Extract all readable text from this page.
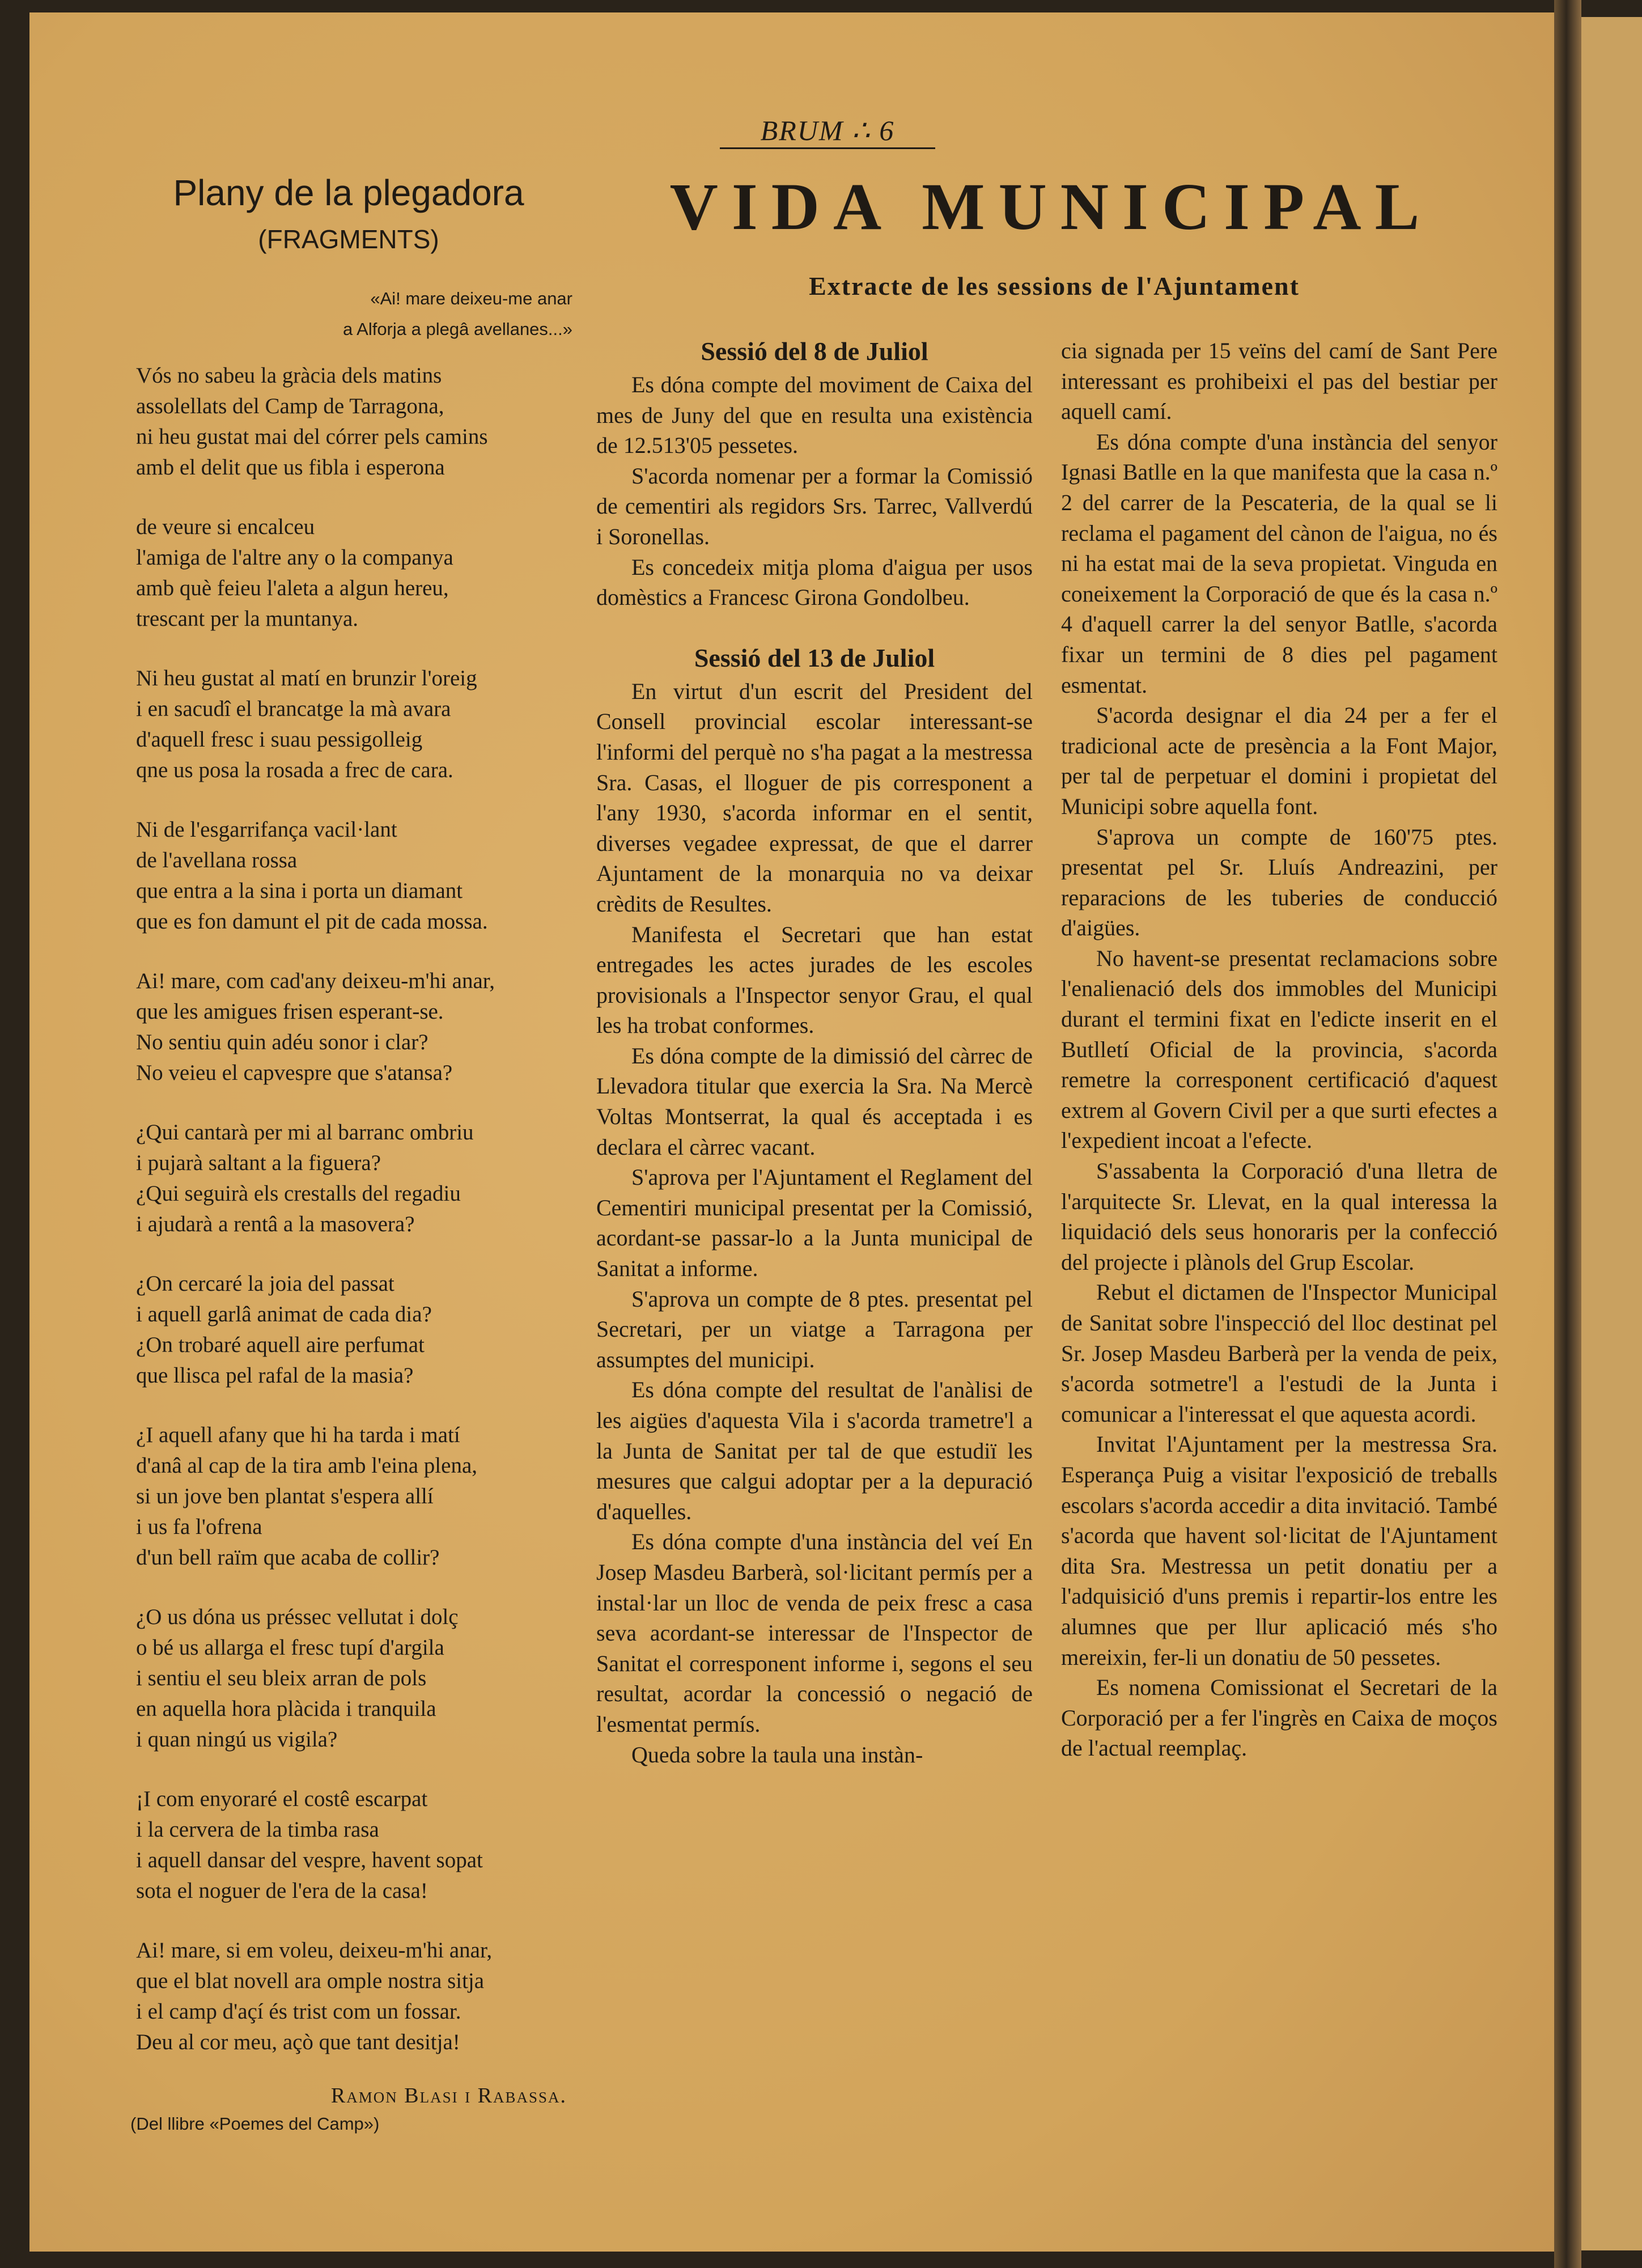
BRUM ∴ 6
VIDA MUNICIPAL
Extracte de les sessions de l'Ajuntament
Plany de la plegadora
(FRAGMENTS)
«Ai! mare deixeu-me anar
a Alforja a plegâ avellanes...»
Vós no sabeu la gràcia dels matins
assolellats del Camp de Tarragona,
ni heu gustat mai del córrer pels camins
amb el delit que us fibla i esperona
de veure si encalceu
l'amiga de l'altre any o la companya
amb què feieu l'aleta a algun hereu,
trescant per la muntanya.
Ni heu gustat al matí en brunzir l'oreig
i en sacudî el brancatge la mà avara
d'aquell fresc i suau pessigolleig
qne us posa la rosada a frec de cara.
Ni de l'esgarrifança vacil·lant
de l'avellana rossa
que entra a la sina i porta un diamant
que es fon damunt el pit de cada mossa.
Ai! mare, com cad'any deixeu-m'hi anar,
que les amigues frisen esperant-se.
No sentiu quin adéu sonor i clar?
No veieu el capvespre que s'atansa?
¿Qui cantarà per mi al barranc ombriu
i pujarà saltant a la figuera?
¿Qui seguirà els crestalls del regadiu
i ajudarà a rentâ a la masovera?
¿On cercaré la joia del passat
i aquell garlâ animat de cada dia?
¿On trobaré aquell aire perfumat
que llisca pel rafal de la masia?
¿I aquell afany que hi ha tarda i matí
d'anâ al cap de la tira amb l'eina plena,
si un jove ben plantat s'espera allí
i us fa l'ofrena
d'un bell raïm que acaba de collir?
¿O us dóna us préssec vellutat i dolç
o bé us allarga el fresc tupí d'argila
i sentiu el seu bleix arran de pols
en aquella hora plàcida i tranquila
i quan ningú us vigila?
¡I com enyoraré el costê escarpat
i la cervera de la timba rasa
i aquell dansar del vespre, havent sopat
sota el noguer de l'era de la casa!
Ai! mare, si em voleu, deixeu-m'hi anar,
que el blat novell ara omple nostra sitja
i el camp d'açí és trist com un fossar.
Deu al cor meu, açò que tant desitja!
Ramon Blasi i Rabassa.
(Del llibre «Poemes del Camp»)
Sessió del 8 de Juliol

Es dóna compte del moviment de Caixa del mes de Juny del que en resulta una existència de 12.513'05 pessetes.

S'acorda nomenar per a formar la Comissió de cementiri als regidors Srs. Tarrec, Vallverdú i Soronellas.

Es concedeix mitja ploma d'aigua per usos domèstics a Francesc Girona Gondolbeu.

Sessió del 13 de Juliol

En virtut d'un escrit del President del Consell provincial escolar interessant-se l'informi del perquè no s'ha pagat a la mestressa Sra. Casas, el lloguer de pis corresponent a l'any 1930, s'acorda informar en el sentit, diverses vegadee expressat, de que el darrer Ajuntament de la monarquia no va deixar crèdits de Resultes.

Manifesta el Secretari que han estat entregades les actes jurades de les escoles provisionals a l'Inspector senyor Grau, el qual les ha trobat conformes.

Es dóna compte de la dimissió del càrrec de Llevadora titular que exercia la Sra. Na Mercè Voltas Montserrat, la qual és acceptada i es declara el càrrec vacant.

S'aprova per l'Ajuntament el Reglament del Cementiri municipal presentat per la Comissió, acordant-se passar-lo a la Junta municipal de Sanitat a informe.

S'aprova un compte de 8 ptes. presentat pel Secretari, per un viatge a Tarragona per assumptes del municipi.

Es dóna compte del resultat de l'anàlisi de les aigües d'aquesta Vila i s'acorda trametre'l a la Junta de Sanitat per tal de que estudiï les mesures que calgui adoptar per a la depuració d'aquelles.

Es dóna compte d'una instància del veí En Josep Masdeu Barberà, sol·licitant permís per a instal·lar un lloc de venda de peix fresc a casa seva acordant-se interessar de l'Inspector de Sanitat el corresponent informe i, segons el seu resultat, acordar la concessió o negació de l'esmentat permís.

Queda sobre la taula una instàn-

cia signada per 15 veïns del camí de Sant Pere interessant es prohibeixi el pas del bestiar per aquell camí.

Es dóna compte d'una instància del senyor Ignasi Batlle en la que manifesta que la casa n.º 2 del carrer de la Pescateria, de la qual se li reclama el pagament del cànon de l'aigua, no és ni ha estat mai de la seva propietat. Vinguda en coneixement la Corporació de que és la casa n.º 4 d'aquell carrer la del senyor Batlle, s'acorda fixar un termini de 8 dies pel pagament esmentat.

S'acorda designar el dia 24 per a fer el tradicional acte de presència a la Font Major, per tal de perpetuar el domini i propietat del Municipi sobre aquella font.

S'aprova un compte de 160'75 ptes. presentat pel Sr. Lluís Andreazini, per reparacions de les tuberies de conducció d'aigües.

No havent-se presentat reclamacions sobre l'enalienació dels dos immobles del Municipi durant el termini fixat en l'edicte inserit en el Butlletí Oficial de la provincia, s'acorda remetre la corresponent certificació d'aquest extrem al Govern Civil per a que surti efectes a l'expedient incoat a l'efecte.

S'assabenta la Corporació d'una lletra de l'arquitecte Sr. Llevat, en la qual interessa la liquidació dels seus honoraris per la confecció del projecte i plànols del Grup Escolar.

Rebut el dictamen de l'Inspector Municipal de Sanitat sobre l'inspecció del lloc destinat pel Sr. Josep Masdeu Barberà per la venda de peix, s'acorda sotmetre'l a l'estudi de la Junta i comunicar a l'interessat el que aquesta acordi.

Invitat l'Ajuntament per la mestressa Sra. Esperança Puig a visitar l'exposició de treballs escolars s'acorda accedir a dita invitació. També s'acorda que havent sol·licitat de l'Ajuntament dita Sra. Mestressa un petit donatiu per a l'adquisició d'uns premis i repartir-los entre les alumnes que per llur aplicació més s'ho mereixin, fer-li un donatiu de 50 pessetes.

Es nomena Comissionat el Secretari de la Corporació per a fer l'ingrès en Caixa de moços de l'actual reemplaç.
